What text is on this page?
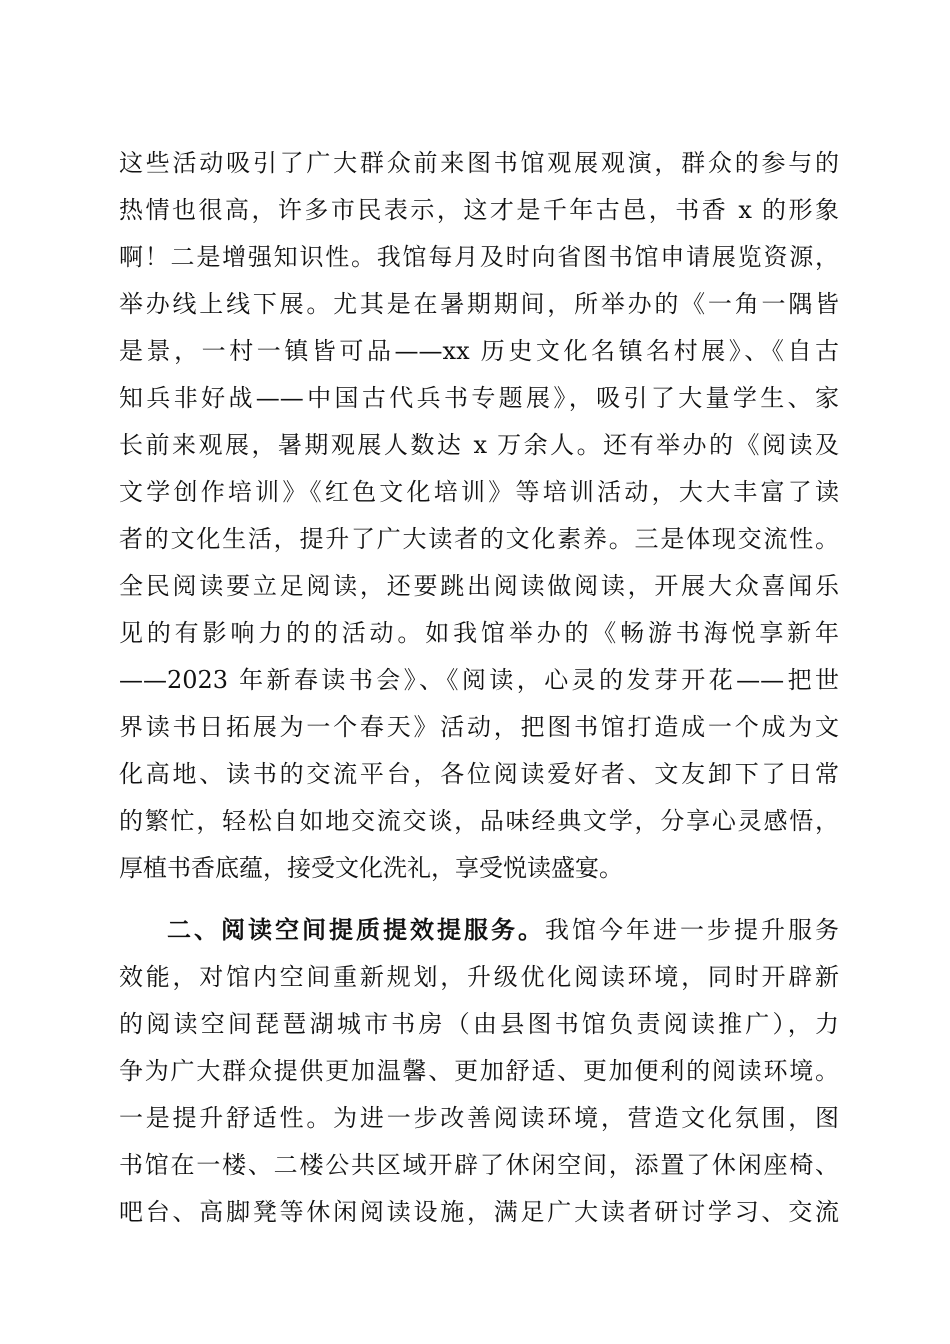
这些活动吸引了广大群众前来图书馆观展观演，群众的参与的
热情也很高，许多市民表示，这才是千年古邑，书香 x 的形象
啊！二是增强知识性。我馆每月及时向省图书馆申请展览资源，
举办线上线下展。尤其是在暑期期间，所举办的《一角一隅皆
是景，一村一镇皆可品——xx 历史文化名镇名村展》、《自古
知兵非好战——中国古代兵书专题展》，吸引了大量学生、家
长前来观展，暑期观展人数达 x 万余人。还有举办的《阅读及
文学创作培训》《红色文化培训》等培训活动，大大丰富了读
者的文化生活，提升了广大读者的文化素养。三是体现交流性。
全民阅读要立足阅读，还要跳出阅读做阅读，开展大众喜闻乐
见的有影响力的的活动。如我馆举办的《畅游书海悦享新年
——2023 年新春读书会》、《阅读，心灵的发芽开花——把世
界读书日拓展为一个春天》活动，把图书馆打造成一个成为文
化高地、读书的交流平台，各位阅读爱好者、文友卸下了日常
的繁忙，轻松自如地交流交谈，品味经典文学，分享心灵感悟，
厚植书香底蕴，接受文化洗礼，享受悦读盛宴。
二、阅读空间提质提效提服务。我馆今年进一步提升服务
效能，对馆内空间重新规划，升级优化阅读环境，同时开辟新
的阅读空间琵琶湖城市书房（由县图书馆负责阅读推广），力
争为广大群众提供更加温馨、更加舒适、更加便利的阅读环境。
一是提升舒适性。为进一步改善阅读环境，营造文化氛围，图
书馆在一楼、二楼公共区域开辟了休闲空间，添置了休闲座椅、
吧台、高脚凳等休闲阅读设施，满足广大读者研讨学习、交流
